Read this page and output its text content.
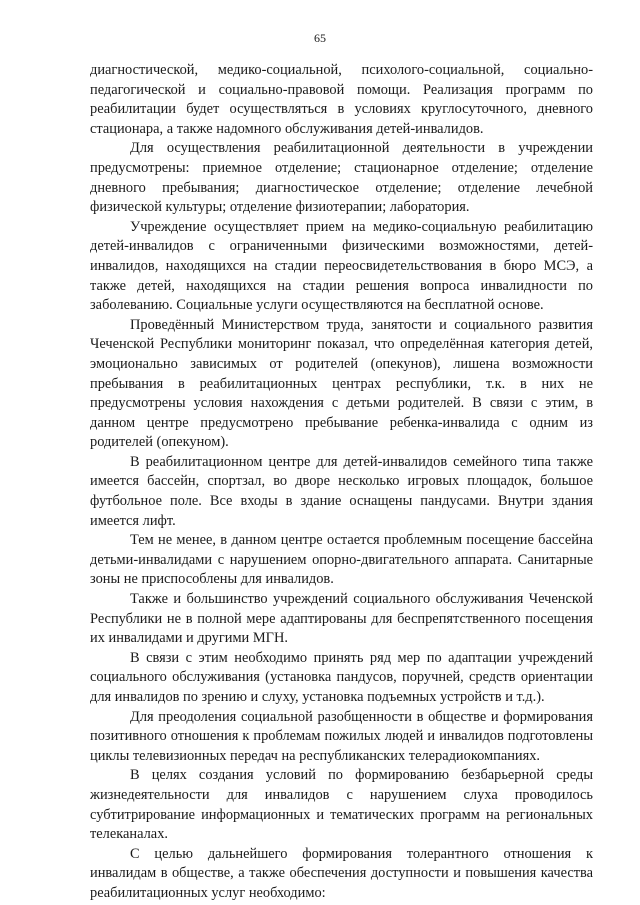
65

диагностической, медико-социальной, психолого-социальной, социально-педагогической и социально-правовой помощи. Реализация программ по реабилитации будет осуществляться в условиях круглосуточного, дневного стационара, а также надомного обслуживания детей-инвалидов.

Для осуществления реабилитационной деятельности в учреждении предусмотрены: приемное отделение; стационарное отделение; отделение дневного пребывания; диагностическое отделение; отделение лечебной физической культуры; отделение физиотерапии; лаборатория.

Учреждение осуществляет прием на медико-социальную реабилитацию детей-инвалидов с ограниченными физическими возможностями, детей-инвалидов, находящихся на стадии переосвидетельствования в бюро МСЭ, а также детей, находящихся на стадии решения вопроса инвалидности по заболеванию. Социальные услуги осуществляются на бесплатной основе.

Проведённый Министерством труда, занятости и социального развития Чеченской Республики мониторинг показал, что определённая категория детей, эмоционально зависимых от родителей (опекунов), лишена возможности пребывания в реабилитационных центрах республики, т.к. в них не предусмотрены условия нахождения с детьми родителей. В связи с этим, в данном центре предусмотрено пребывание ребенка-инвалида с одним из родителей (опекуном).

В реабилитационном центре для детей-инвалидов семейного типа также имеется бассейн, спортзал, во дворе несколько игровых площадок, большое футбольное поле. Все входы в здание оснащены пандусами. Внутри здания имеется лифт.

Тем не менее, в данном центре остается проблемным посещение бассейна детьми-инвалидами с нарушением опорно-двигательного аппарата. Санитарные зоны не приспособлены для инвалидов.

Также и большинство учреждений социального обслуживания Чеченской Республики не в полной мере адаптированы для беспрепятственного посещения их инвалидами и другими МГН.

В связи с этим необходимо принять ряд мер по адаптации учреждений социального обслуживания (установка пандусов, поручней, средств ориентации для инвалидов по зрению и слуху, установка подъемных устройств и т.д.).

Для преодоления социальной разобщенности в обществе и формирования позитивного отношения к проблемам пожилых людей и инвалидов подготовлены циклы телевизионных передач на республиканских телерадиокомпаниях.

В целях создания условий по формированию безбарьерной среды жизнедеятельности для инвалидов с нарушением слуха проводилось субтитрирование информационных и тематических программ на региональных телеканалах.

С целью дальнейшего формирования толерантного отношения к инвалидам в обществе, а также обеспечения доступности и повышения качества реабилитационных услуг необходимо:
